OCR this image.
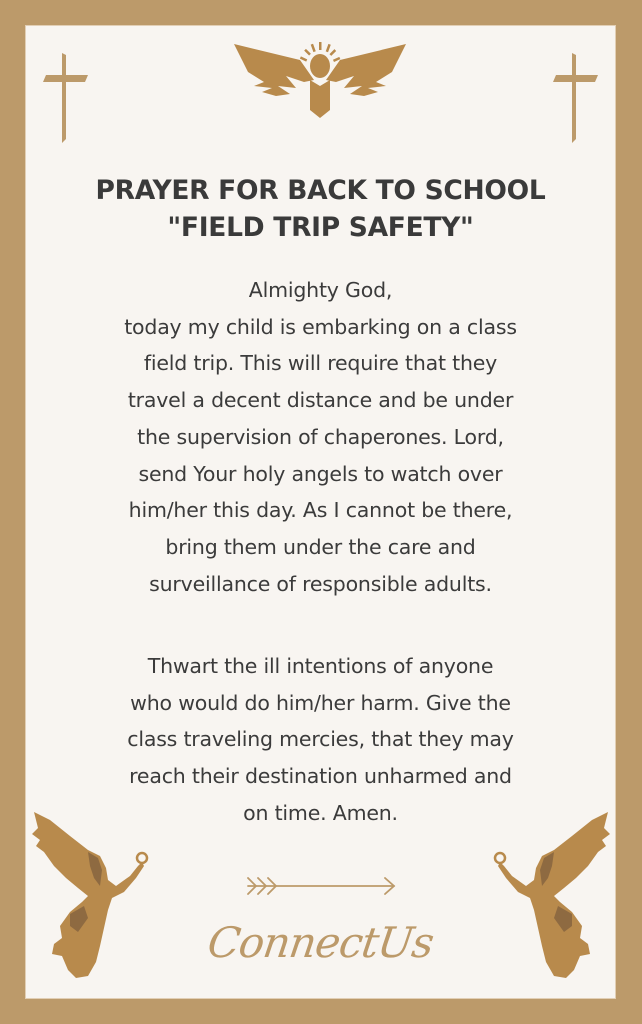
PRAYER FOR BACK TO SCHOOL
"FIELD TRIP SAFETY"
Almighty God,
today my child is embarking on a class
field trip. This will require that they
travel a decent distance and be under
the supervision of chaperones. Lord,
send Your holy angels to watch over
him/her this day. As I cannot be there,
bring them under the care and
surveillance of responsible adults.
Thwart the ill intentions of anyone
who would do him/her harm. Give the
class traveling mercies, that they may
reach their destination unharmed and
on time. Amen.
ConnectUs
